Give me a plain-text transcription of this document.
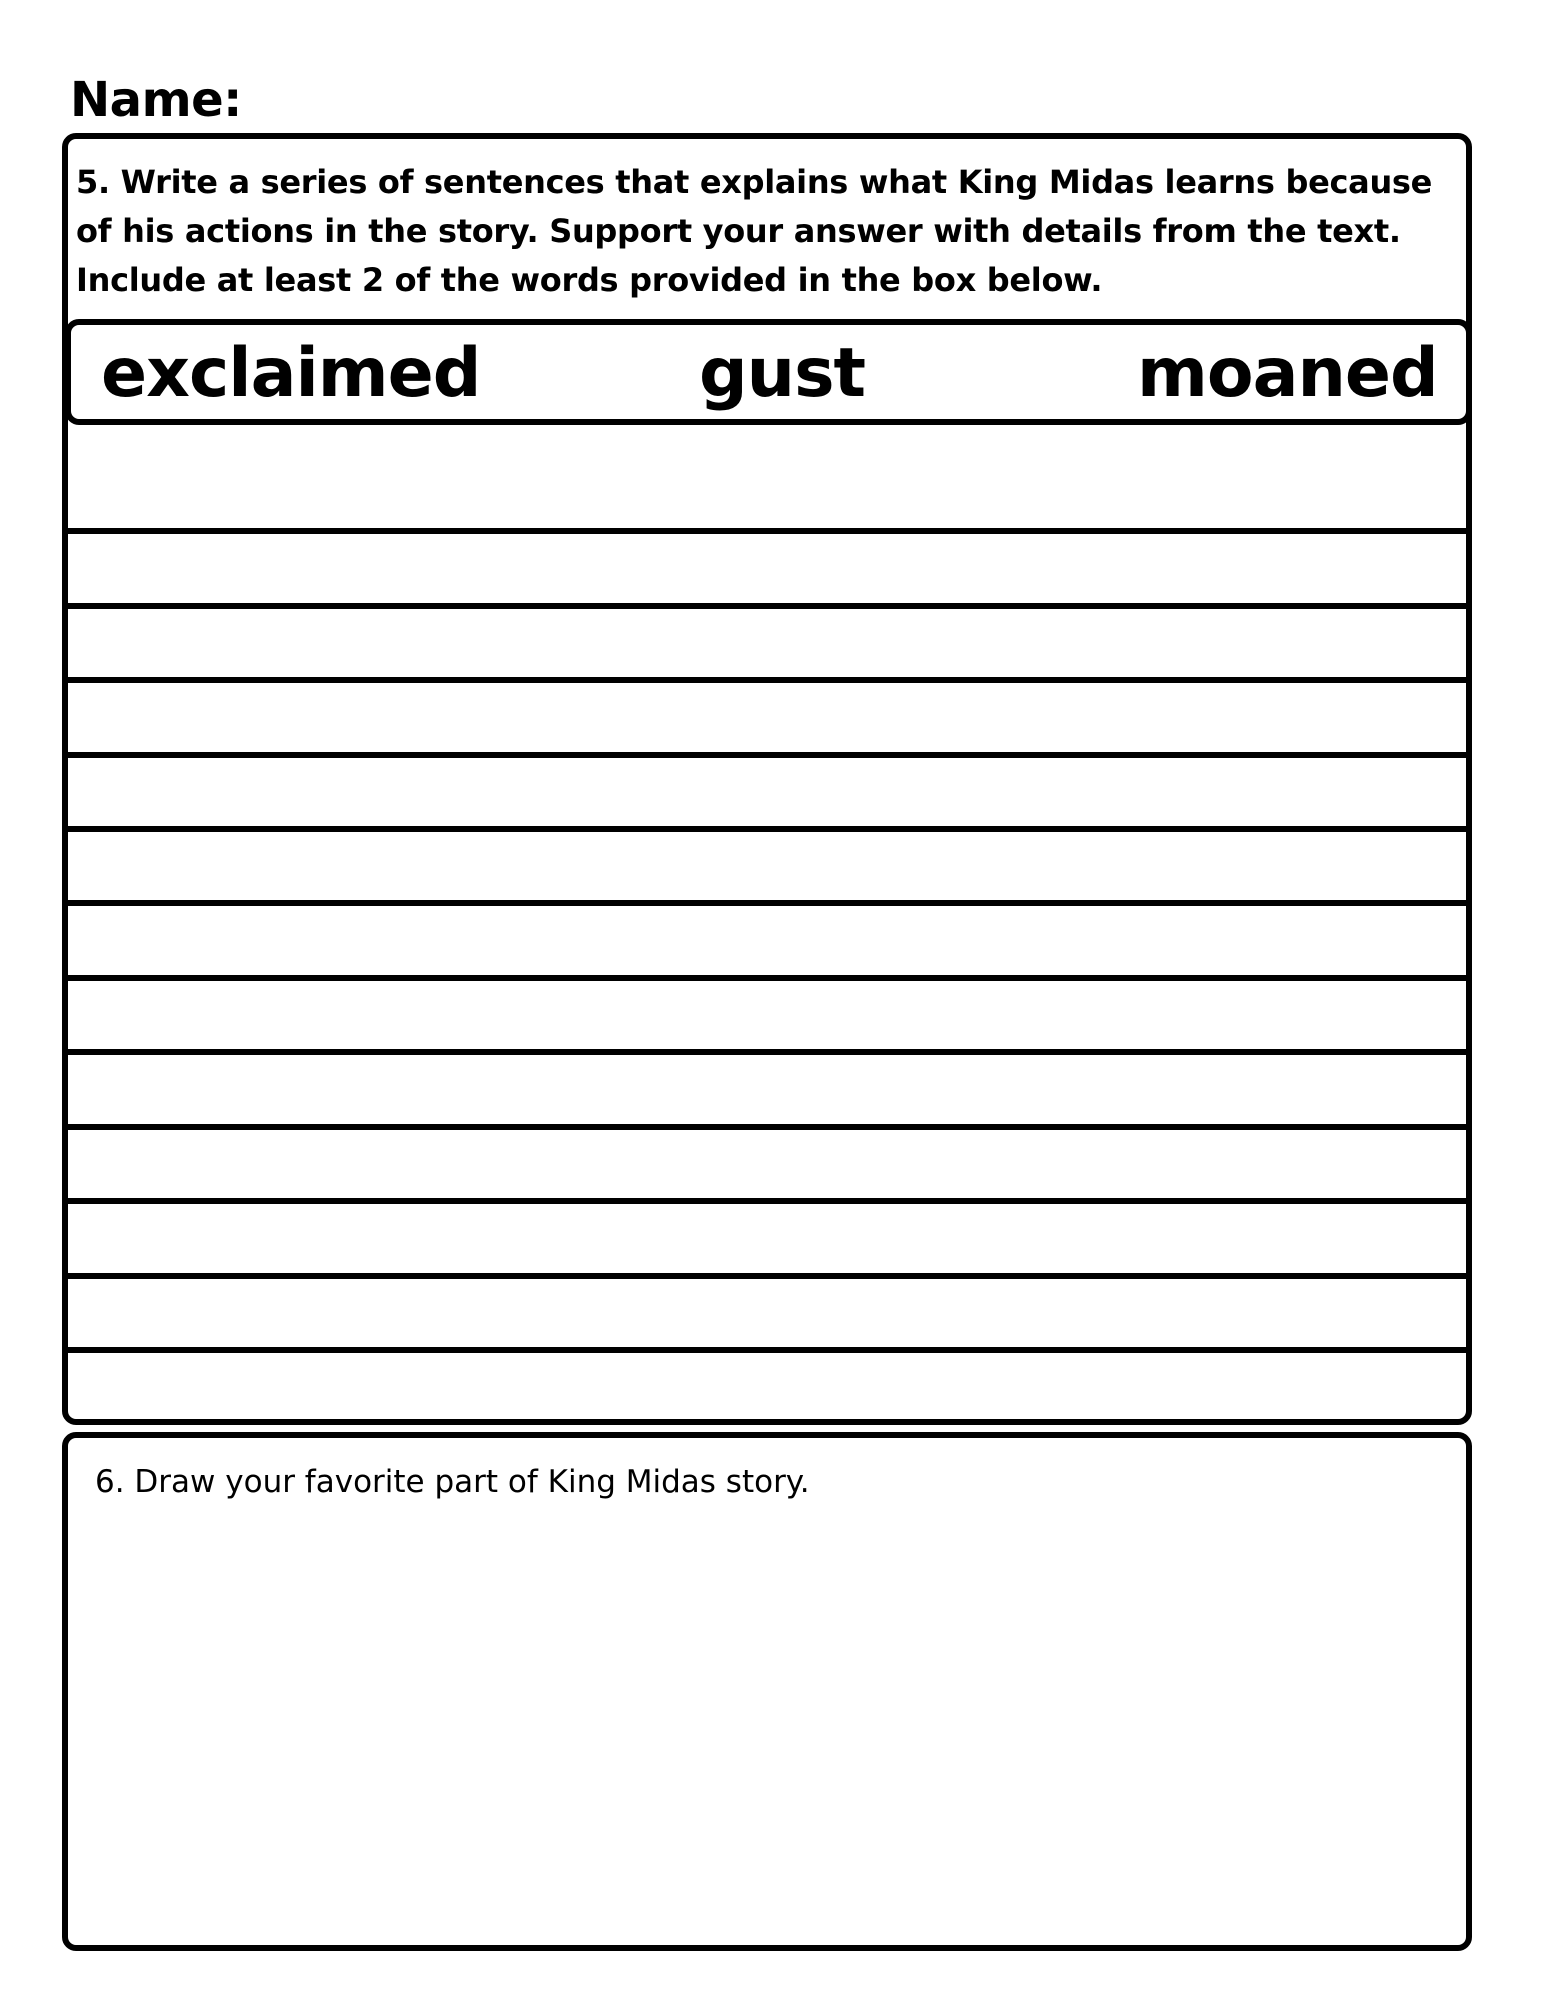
Name:
5. Write a series of sentences that explains what King Midas learns because of his actions in the story. Support your answer with details from the text. Include at least 2 of the words provided in the box below.
exclaimed	gust	moaned
6. Draw your favorite part of King Midas story.
